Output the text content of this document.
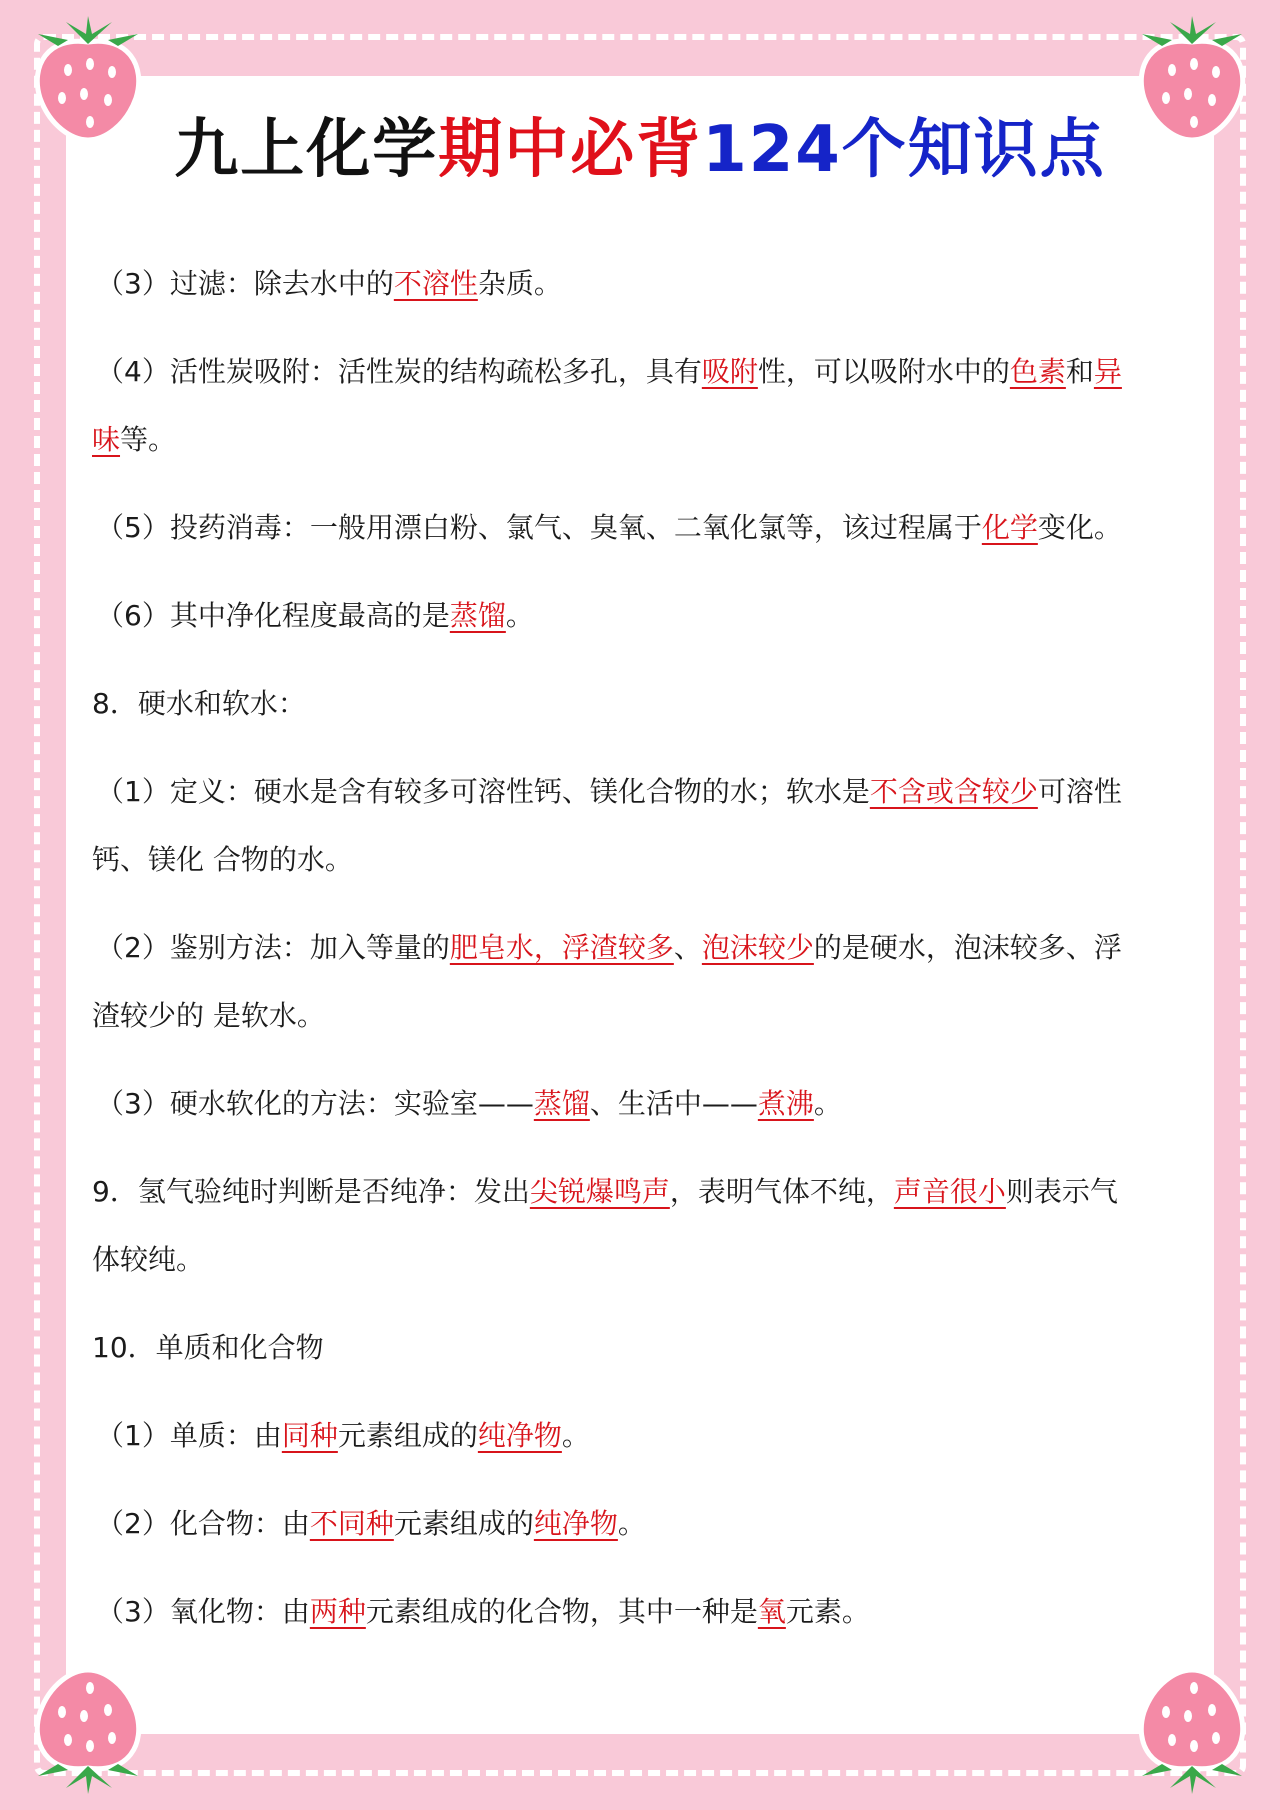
九上化学期中必背124个知识点
（3）过滤：除去水中的不溶性杂质。
（4）活性炭吸附：活性炭的结构疏松多孔，具有吸附性，可以吸附水中的色素和异
味等。
（5）投药消毒：一般用漂白粉、氯气、臭氧、二氧化氯等，该过程属于化学变化。
（6）其中净化程度最高的是蒸馏。
8．硬水和软水：
（1）定义：硬水是含有较多可溶性钙、镁化合物的水；软水是不含或含较少可溶性
钙、镁化 合物的水。
（2）鉴别方法：加入等量的肥皂水，浮渣较多、泡沫较少的是硬水，泡沫较多、浮
渣较少的 是软水。
（3）硬水软化的方法：实验室——蒸馏、生活中——煮沸。
9．氢气验纯时判断是否纯净：发出尖锐爆鸣声，表明气体不纯，声音很小则表示气
体较纯。
10．单质和化合物
（1）单质：由同种元素组成的纯净物。
（2）化合物：由不同种元素组成的纯净物。
（3）氧化物：由两种元素组成的化合物，其中一种是氧元素。
